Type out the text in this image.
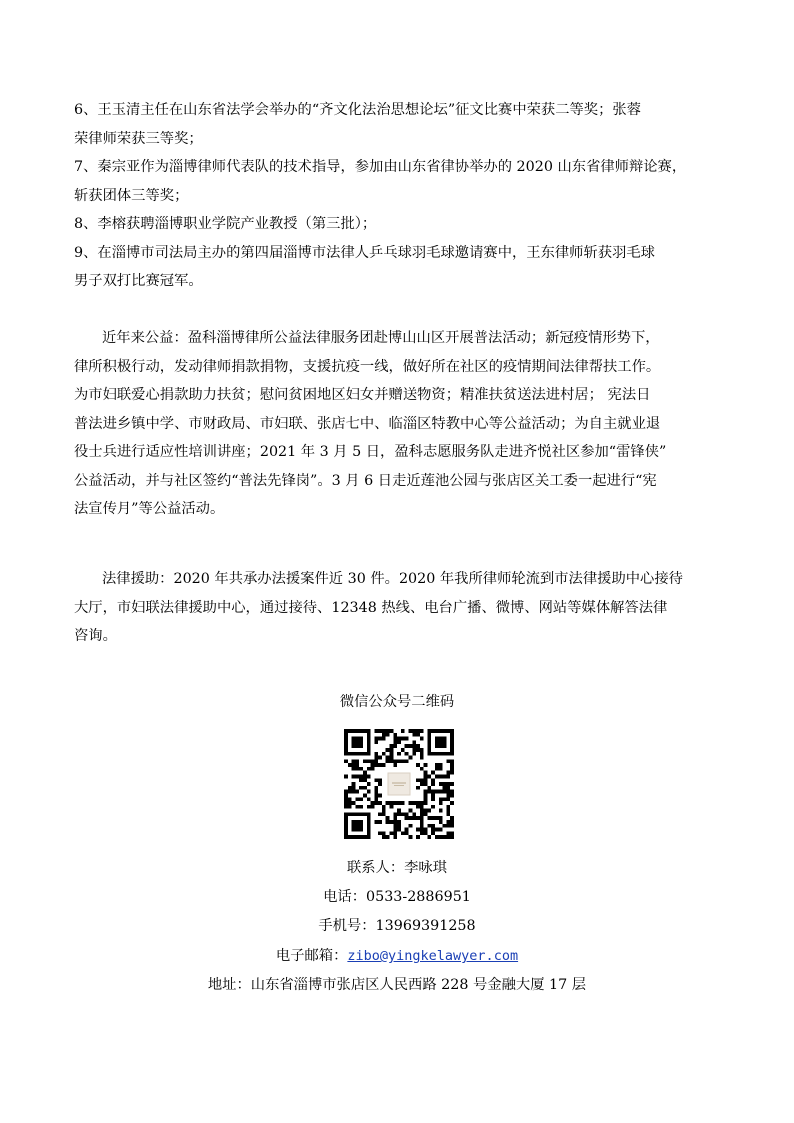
6、王玉清主任在山东省法学会举办的“齐文化法治思想论坛”征文比赛中荣获二等奖；张蓉
荣律师荣获三等奖；
7、秦宗亚作为淄博律师代表队的技术指导，参加由山东省律协举办的 2020 山东省律师辩论赛，
斩获团体三等奖；
8、李榕获聘淄博职业学院产业教授（第三批）；
9、在淄博市司法局主办的第四届淄博市法律人乒乓球羽毛球邀请赛中，王东律师斩获羽毛球
男子双打比赛冠军。
近年来公益：盈科淄博律所公益法律服务团赴博山山区开展普法活动；新冠疫情形势下，
律所积极行动，发动律师捐款捐物，支援抗疫一线，做好所在社区的疫情期间法律帮扶工作。
为市妇联爱心捐款助力扶贫；慰问贫困地区妇女并赠送物资；精准扶贫送法进村居； 宪法日
普法进乡镇中学、市财政局、市妇联、张店七中、临淄区特教中心等公益活动；为自主就业退
役士兵进行适应性培训讲座；2021 年 3 月 5 日，盈科志愿服务队走进齐悦社区参加“雷锋侠”
公益活动，并与社区签约“普法先锋岗”。3 月 6 日走近莲池公园与张店区关工委一起进行“宪
法宣传月”等公益活动。
法律援助：2020 年共承办法援案件近 30 件。2020 年我所律师轮流到市法律援助中心接待
大厅，市妇联法律援助中心，通过接待、12348 热线、电台广播、微博、网站等媒体解答法律
咨询。
微信公众号二维码
联系人：李咏琪
电话：0533-2886951
手机号：13969391258
电子邮箱：zibo@yingkelawyer.com
地址：山东省淄博市张店区人民西路 228 号金融大厦 17 层
